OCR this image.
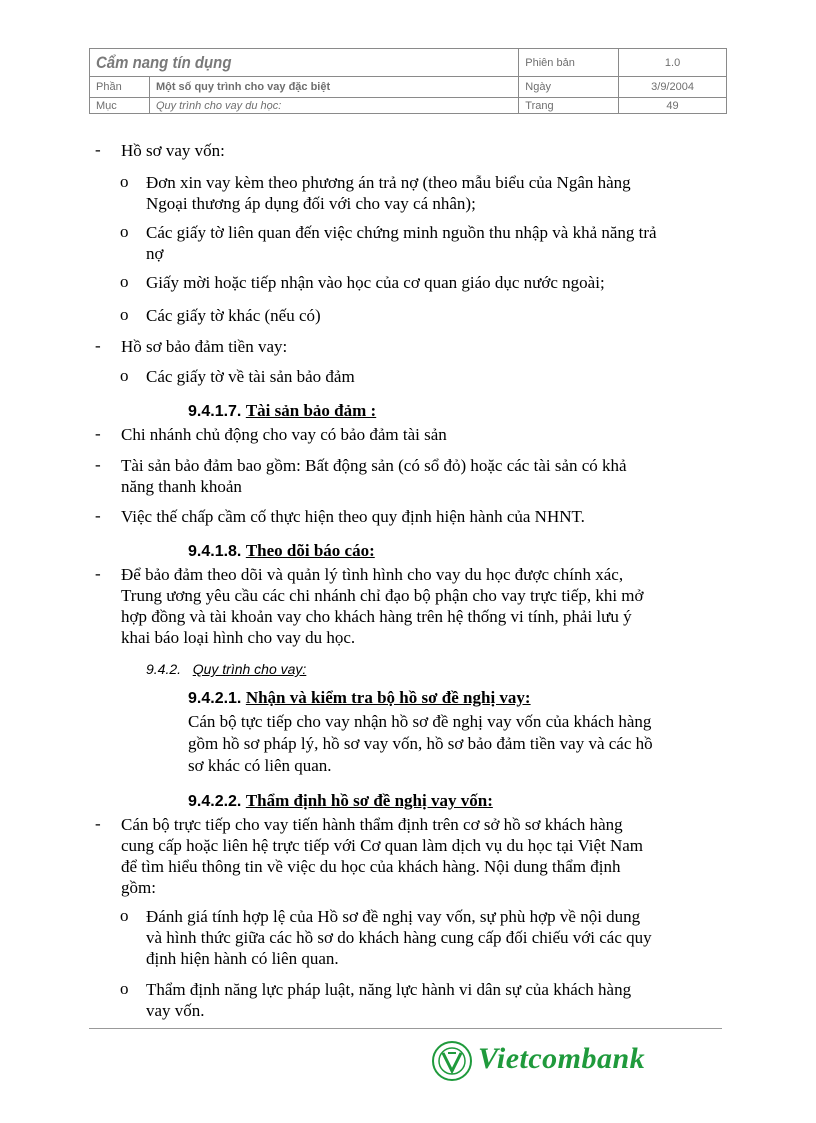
Cẩm nang tín dụng		Phiên bản	1.0
Phần	Một số quy trình cho vay đặc biệt	Ngày	3/9/2004
Mục	Quy trình cho vay du học:	Trang	49
- Hồ sơ vay vốn:
o Đơn xin vay kèm theo phương án trả nợ (theo mẫu biểu của Ngân hàng
Ngoại thương áp dụng đối với cho vay cá nhân);
o Các giấy tờ liên quan đến việc chứng minh nguồn thu nhập và khả năng trả
nợ
o Giấy mời hoặc tiếp nhận vào học của cơ quan giáo dục nước ngoài;
o Các giấy tờ khác (nếu có)
- Hồ sơ bảo đảm tiền vay:
o Các giấy tờ về tài sản bảo đảm
9.4.1.7. Tài sản bảo đảm :
- Chi nhánh chủ động cho vay có bảo đảm tài sản
- Tài sản bảo đảm bao gồm: Bất động sản (có sổ đỏ) hoặc các tài sản có khả
năng thanh khoản
- Việc thế chấp cầm cố thực hiện theo quy định hiện hành của NHNT.
9.4.1.8. Theo dõi báo cáo:
- Để bảo đảm theo dõi và quản lý tình hình cho vay du học được chính xác,
Trung ương yêu cầu các chi nhánh chỉ đạo bộ phận cho vay trực tiếp, khi mở
hợp đồng và tài khoản vay cho khách hàng trên hệ thống vi tính, phải lưu ý
khai báo loại hình cho vay du học.
9.4.2. Quy trình cho vay:
9.4.2.1. Nhận và kiểm tra bộ hồ sơ đề nghị vay:
Cán bộ tực tiếp cho vay nhận hồ sơ đề nghị vay vốn của khách hàng
gồm hồ sơ pháp lý, hồ sơ vay vốn, hồ sơ bảo đảm tiền vay và các hồ
sơ khác có liên quan.
9.4.2.2. Thẩm định hồ sơ đề nghị vay vốn:
- Cán bộ trực tiếp cho vay tiến hành thẩm định trên cơ sở hồ sơ khách hàng
cung cấp hoặc liên hệ trực tiếp với Cơ quan làm dịch vụ du học tại Việt Nam
để tìm hiểu thông tin về việc du học của khách hàng. Nội dung thẩm định
gồm:
o Đánh giá tính hợp lệ của Hồ sơ đề nghị vay vốn, sự phù hợp về nội dung
và hình thức giữa các hồ sơ do khách hàng cung cấp đối chiếu với các quy
định hiện hành có liên quan.
o Thẩm định năng lực pháp luật, năng lực hành vi dân sự của khách hàng
vay vốn.
Vietcombank
